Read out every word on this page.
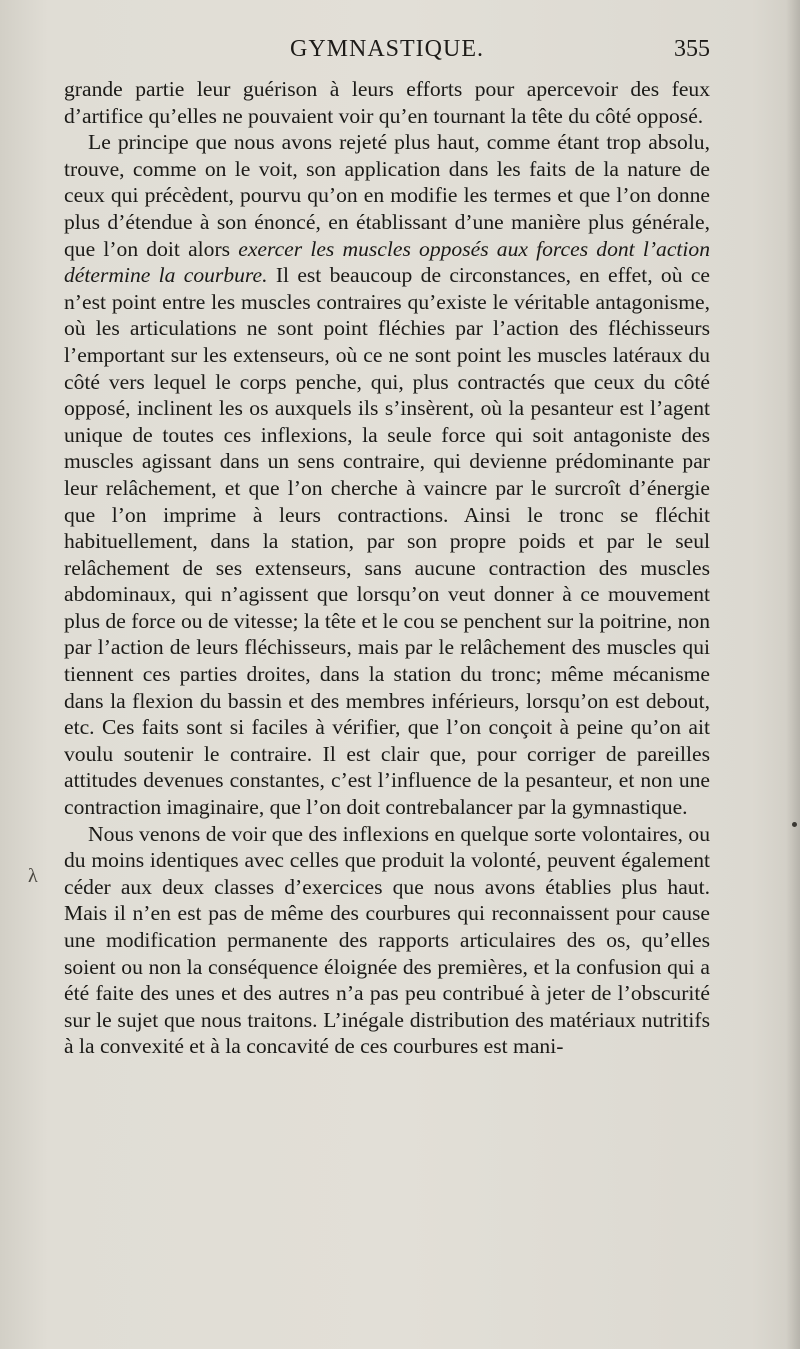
GYMNASTIQUE.	355

grande partie leur guérison à leurs efforts pour apercevoir des feux d’artifice qu’elles ne pouvaient voir qu’en tournant la tête du côté opposé.

Le principe que nous avons rejeté plus haut, comme étant trop absolu, trouve, comme on le voit, son application dans les faits de la nature de ceux qui précèdent, pourvu qu’on en modifie les termes et que l’on donne plus d’étendue à son énoncé, en établissant d’une manière plus générale, que l’on doit alors exercer les muscles opposés aux forces dont l’action détermine la courbure. Il est beaucoup de circonstances, en effet, où ce n’est point entre les muscles contraires qu’existe le véritable antagonisme, où les articulations ne sont point fléchies par l’action des fléchisseurs l’emportant sur les extenseurs, où ce ne sont point les muscles latéraux du côté vers lequel le corps penche, qui, plus contractés que ceux du côté opposé, inclinent les os auxquels ils s’insèrent, où la pesanteur est l’agent unique de toutes ces inflexions, la seule force qui soit antagoniste des muscles agissant dans un sens contraire, qui devienne prédominante par leur relâchement, et que l’on cherche à vaincre par le surcroît d’énergie que l’on imprime à leurs contractions. Ainsi le tronc se fléchit habituellement, dans la station, par son propre poids et par le seul relâchement de ses extenseurs, sans aucune contraction des muscles abdominaux, qui n’agissent que lorsqu’on veut donner à ce mouvement plus de force ou de vitesse; la tête et le cou se penchent sur la poitrine, non par l’action de leurs fléchisseurs, mais par le relâchement des muscles qui tiennent ces parties droites, dans la station du tronc; même mécanisme dans la flexion du bassin et des membres inférieurs, lorsqu’on est debout, etc. Ces faits sont si faciles à vérifier, que l’on conçoit à peine qu’on ait voulu soutenir le contraire. Il est clair que, pour corriger de pareilles attitudes devenues constantes, c’est l’influence de la pesanteur, et non une contraction imaginaire, que l’on doit contrebalancer par la gymnastique.

Nous venons de voir que des inflexions en quelque sorte volontaires, ou du moins identiques avec celles que produit la volonté, peuvent également céder aux deux classes d’exercices que nous avons établies plus haut. Mais il n’en est pas de même des courbures qui reconnaissent pour cause une modification permanente des rapports articulaires des os, qu’elles soient ou non la conséquence éloignée des premières, et la confusion qui a été faite des unes et des autres n’a pas peu contribué à jeter de l’obscurité sur le sujet que nous traitons. L’inégale distribution des matériaux nutritifs à la convexité et à la concavité de ces courbures est mani-

λ
